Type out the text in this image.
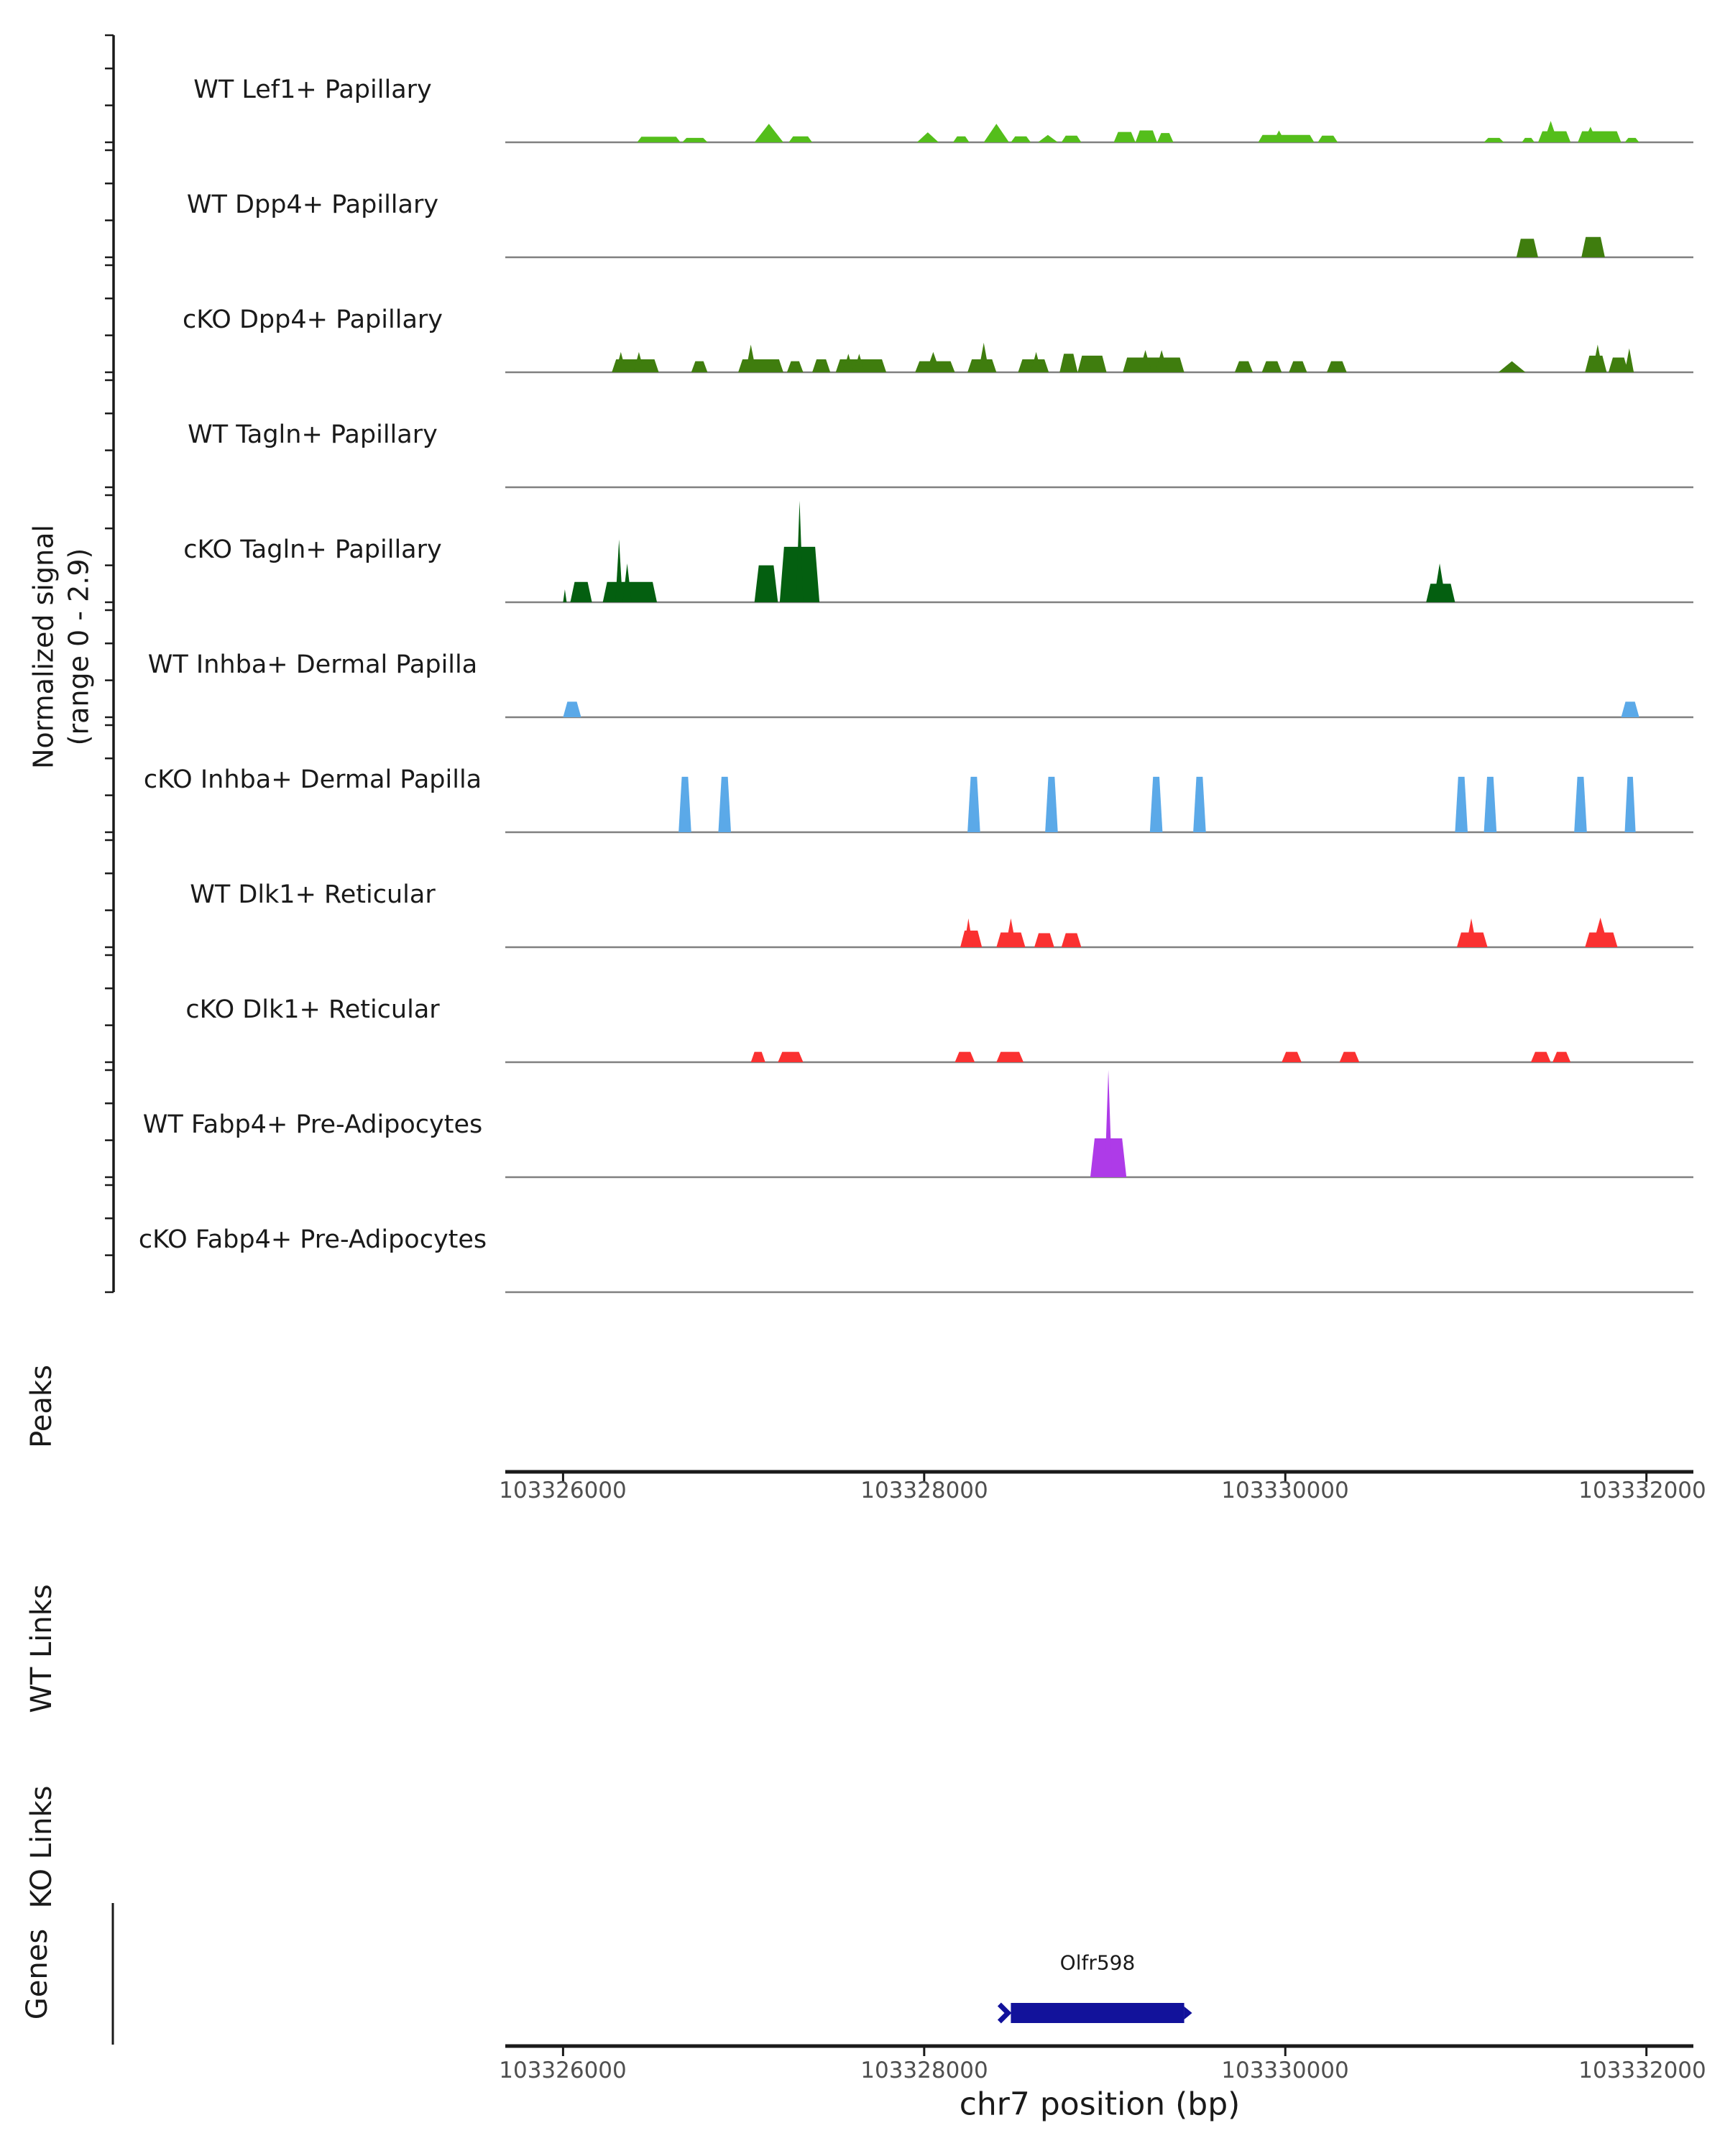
Normalized signal (range 0 - 2.9)
WT Lef1+ Papillary
WT Dpp4+ Papillary
cKO Dpp4+ Papillary
WT Tagln+ Papillary
cKO Tagln+ Papillary
WT Inhba+ Dermal Papilla
cKO Inhba+ Dermal Papilla
WT Dlk1+ Reticular
cKO Dlk1+ Reticular
WT Fabp4+ Pre-Adipocytes
cKO Fabp4+ Pre-Adipocytes
Peaks
WT Links
KO Links
Genes
103326000	103328000	103330000	103332000
Olfr598
103326000	103328000	103330000	103332000
chr7 position (bp)
